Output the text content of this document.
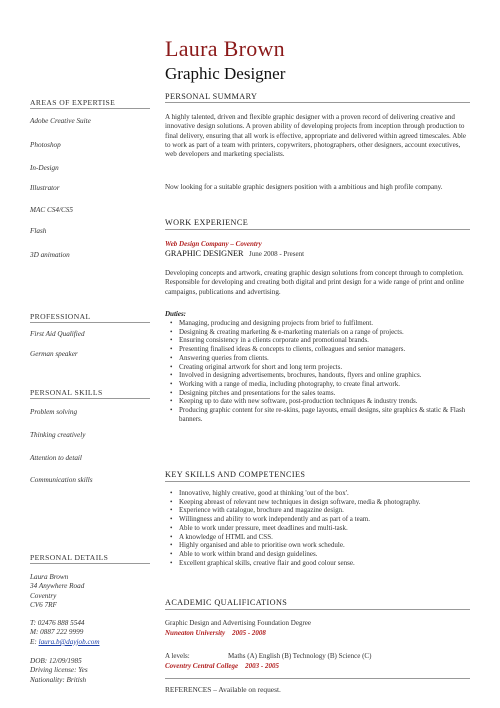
Laura Brown
Graphic Designer
AREAS OF EXPERTISE
Adobe Creative Suite
Photoshop
In-Design
Illustrator
MAC CS4/CS5
Flash
3D animation
PROFESSIONAL
First Aid Qualified
German speaker
PERSONAL SKILLS
Problem solving
Thinking creatively
Attention to detail
Communication skills
PERSONAL DETAILS
Laura Brown
34 Anywhere Road
Coventry
CV6 7RF
T: 02476 888 5544
M: 0887 222 9999
E: laura.b@dayjob.com
DOB: 12/09/1985
Driving license: Yes
Nationality: British
PERSONAL SUMMARY
A highly talented, driven and flexible graphic designer with a proven record of delivering creative and innovative design solutions. A proven ability of developing projects from inception through production to final delivery, ensuring that all work is effective, appropriate and delivered within agreed timescales. Able to work as part of a team with printers, copywriters, photographers, other designers, account executives, web developers and marketing specialists.
Now looking for a suitable graphic designers position with a ambitious and high profile company.
WORK EXPERIENCE
Web Design Company – Coventry
GRAPHIC DESIGNER June 2008 - Present
Developing concepts and artwork, creating graphic design solutions from concept through to completion. Responsible for developing and creating both digital and print design for a wide range of print and online campaigns, publications and advertising.
Duties:
• Managing, producing and designing projects from brief to fulfilment.
• Designing & creating marketing & e-marketing materials on a range of projects.
• Ensuring consistency in a clients corporate and promotional brands.
• Presenting finalised ideas & concepts to clients, colleagues and senior managers.
• Answering queries from clients.
• Creating original artwork for short and long term projects.
• Involved in designing advertisements, brochures, handouts, flyers and online graphics.
• Working with a range of media, including photography, to create final artwork.
• Designing pitches and presentations for the sales teams.
• Keeping up to date with new software, post-production techniques & industry trends.
• Producing graphic content for site re-skins, page layouts, email designs, site graphics & static & Flash banners.
KEY SKILLS AND COMPETENCIES
• Innovative, highly creative, good at thinking 'out of the box'.
• Keeping abreast of relevant new techniques in design software, media & photography.
• Experience with catalogue, brochure and magazine design.
• Willingness and ability to work independently and as part of a team.
• Able to work under pressure, meet deadlines and multi-task.
• A knowledge of HTML and CSS.
• Highly organised and able to prioritise own work schedule.
• Able to work within brand and design guidelines.
• Excellent graphical skills, creative flair and good colour sense.
ACADEMIC QUALIFICATIONS
Graphic Design and Advertising Foundation Degree
Nuneaton University    2005 - 2008
A levels:	Maths (A) English (B) Technology (B) Science (C)
Coventry Central College    2003 - 2005
REFERENCES – Available on request.
